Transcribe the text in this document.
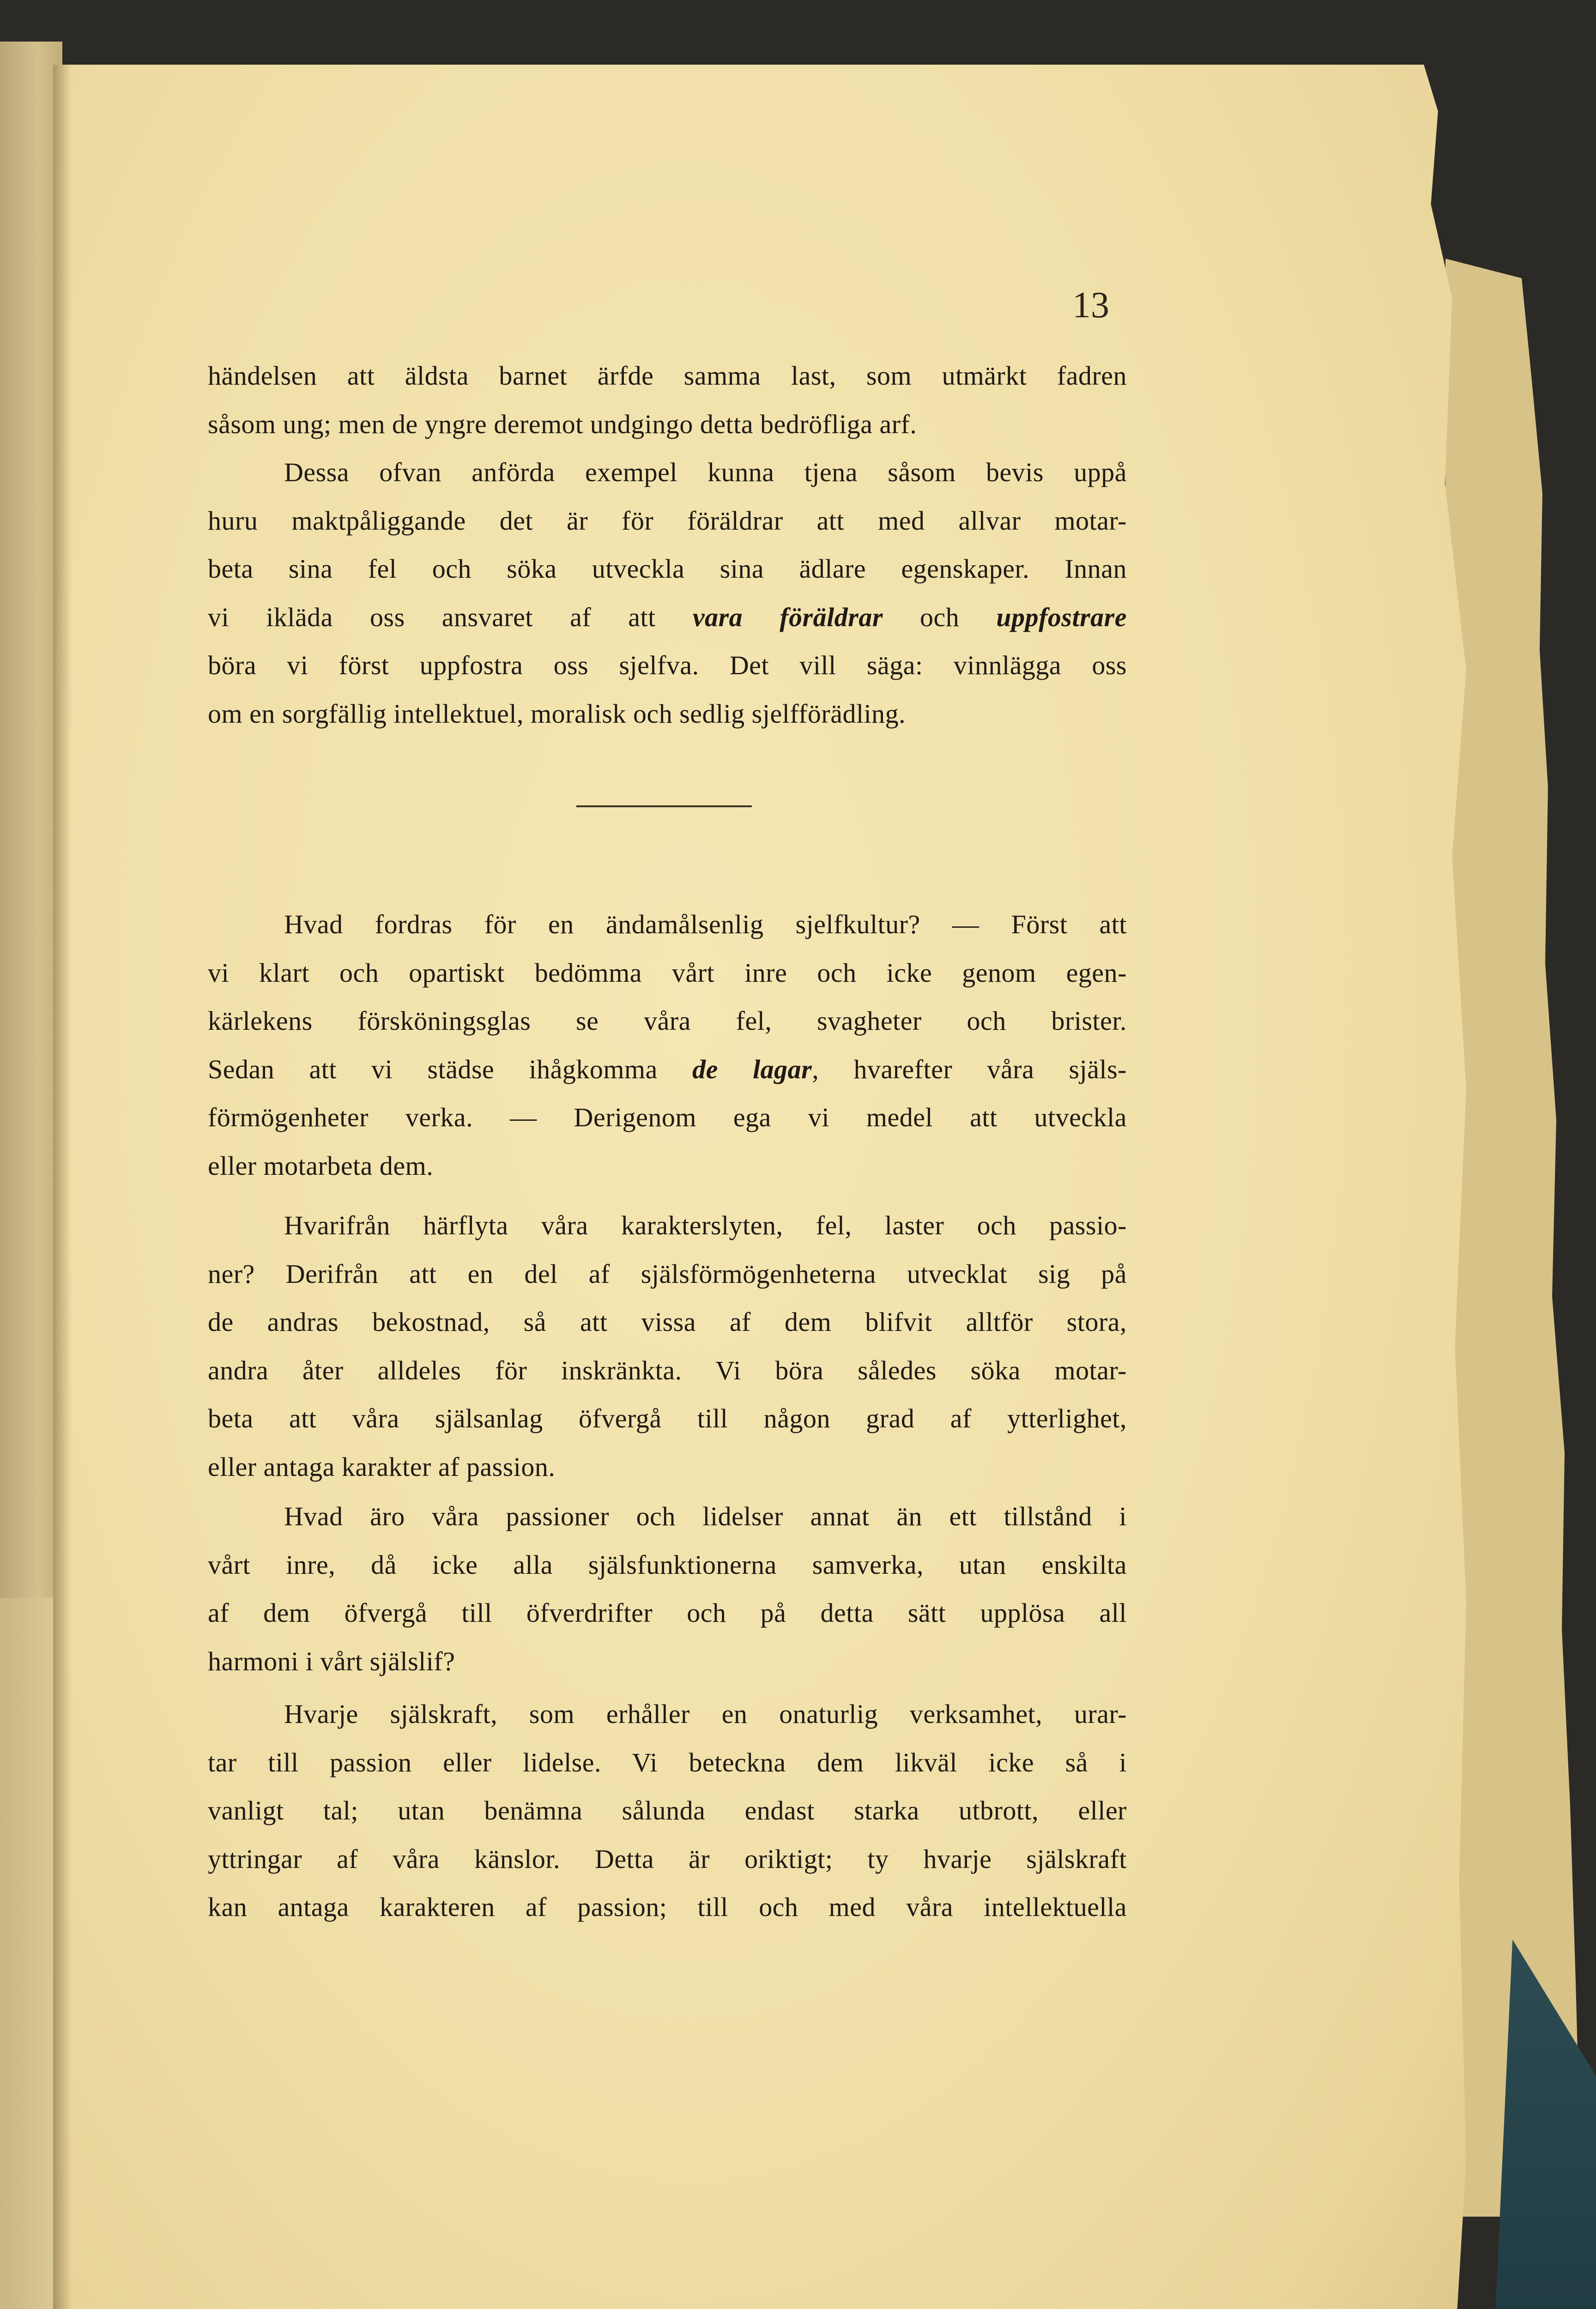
13

händelsen att äldsta barnet ärfde samma last, som utmärkt fadren
såsom ung; men de yngre deremot undgingo detta bedröfliga arf.

Dessa ofvan anförda exempel kunna tjena såsom bevis uppå
huru maktpåliggande det är för föräldrar att med allvar motar-
beta sina fel och söka utveckla sina ädlare egenskaper. Innan
vi ikläda oss ansvaret af att vara föräldrar och uppfostrare
böra vi först uppfostra oss sjelfva. Det vill säga: vinnlägga oss
om en sorgfällig intellektuel, moralisk och sedlig sjelfförädling.

Hvad fordras för en ändamålsenlig sjelfkultur? — Först att
vi klart och opartiskt bedömma vårt inre och icke genom egen-
kärlekens försköningsglas se våra fel, svagheter och brister.
Sedan att vi städse ihågkomma de lagar, hvarefter våra själs-
förmögenheter verka. — Derigenom ega vi medel att utveckla
eller motarbeta dem.

Hvarifrån härflyta våra karakterslyten, fel, laster och passio-
ner? Derifrån att en del af själsförmögenheterna utvecklat sig på
de andras bekostnad, så att vissa af dem blifvit alltför stora,
andra åter alldeles för inskränkta. Vi böra således söka motar-
beta att våra själsanlag öfvergå till någon grad af ytterlighet,
eller antaga karakter af passion.

Hvad äro våra passioner och lidelser annat än ett tillstånd i
vårt inre, då icke alla själsfunktionerna samverka, utan enskilta
af dem öfvergå till öfverdrifter och på detta sätt upplösa all
harmoni i vårt själslif?

Hvarje själskraft, som erhåller en onaturlig verksamhet, urar-
tar till passion eller lidelse. Vi beteckna dem likväl icke så i
vanligt tal; utan benämna sålunda endast starka utbrott, eller
yttringar af våra känslor. Detta är oriktigt; ty hvarje själskraft
kan antaga karakteren af passion; till och med våra intellektuella
